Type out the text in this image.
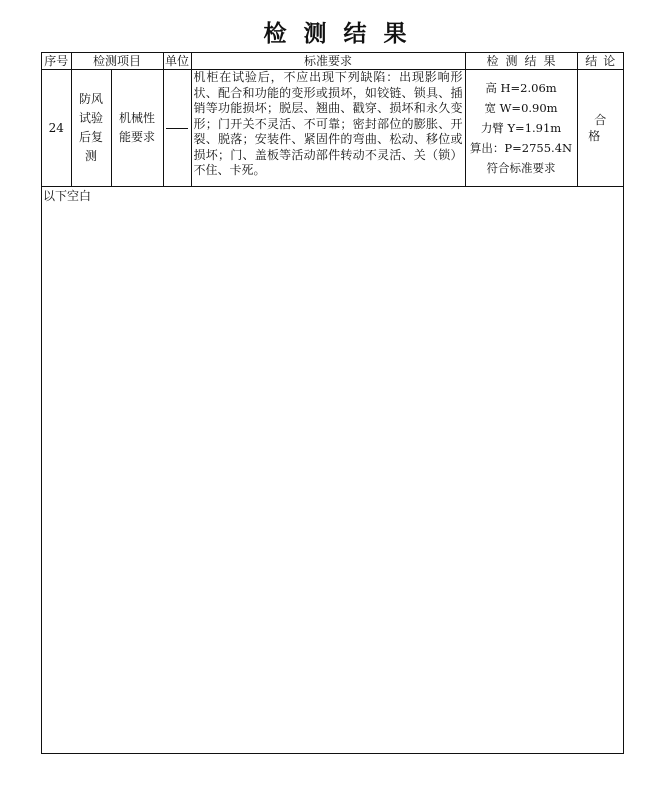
检测结果
序号	检测项目		单位	标准要求	检测结果	结论
24	防风试验后复测	机械性能要求		机柜在试验后，不应出现下列缺陷：出现影响形状、配合和功能的变形或损坏，如铰链、锁具、插销等功能损坏；脱层、翘曲、戳穿、损坏和永久变形；门开关不灵活、不可靠；密封部位的膨胀、开裂、脱落；安装件、紧固件的弯曲、松动、移位或损坏；门、盖板等活动部件转动不灵活、关（锁）不住、卡死。	高 H=2.06m
宽 W=0.90m
力臂 Y=1.91m
算出：P=2755.4N
符合标准要求	合格
以下空白
